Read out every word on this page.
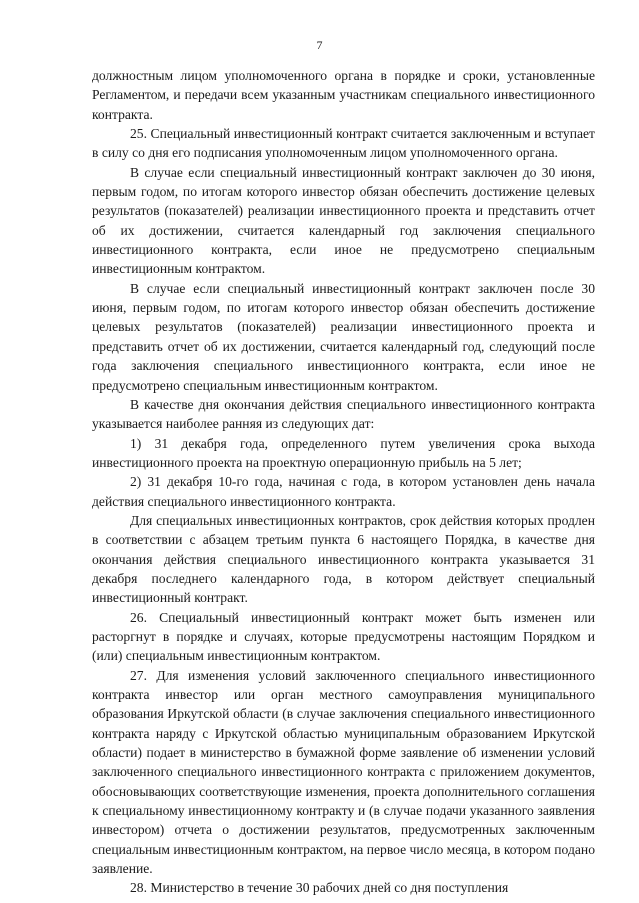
7

должностным лицом уполномоченного органа в порядке и сроки, установленные Регламентом, и передачи всем указанным участникам специального инвестиционного контракта.

25. Специальный инвестиционный контракт считается заключенным и вступает в силу со дня его подписания уполномоченным лицом уполномоченного органа.

В случае если специальный инвестиционный контракт заключен до 30 июня, первым годом, по итогам которого инвестор обязан обеспечить достижение целевых результатов (показателей) реализации инвестиционного проекта и представить отчет об их достижении, считается календарный год заключения специального инвестиционного контракта, если иное не предусмотрено специальным инвестиционным контрактом.

В случае если специальный инвестиционный контракт заключен после 30 июня, первым годом, по итогам которого инвестор обязан обеспечить достижение целевых результатов (показателей) реализации инвестиционного проекта и представить отчет об их достижении, считается календарный год, следующий после года заключения специального инвестиционного контракта, если иное не предусмотрено специальным инвестиционным контрактом.

В качестве дня окончания действия специального инвестиционного контракта указывается наиболее ранняя из следующих дат:

1) 31 декабря года, определенного путем увеличения срока выхода инвестиционного проекта на проектную операционную прибыль на 5 лет;

2) 31 декабря 10-го года, начиная с года, в котором установлен день начала действия специального инвестиционного контракта.

Для специальных инвестиционных контрактов, срок действия которых продлен в соответствии с абзацем третьим пункта 6 настоящего Порядка, в качестве дня окончания действия специального инвестиционного контракта указывается 31 декабря последнего календарного года, в котором действует специальный инвестиционный контракт.

26. Специальный инвестиционный контракт может быть изменен или расторгнут в порядке и случаях, которые предусмотрены настоящим Порядком и (или) специальным инвестиционным контрактом.

27. Для изменения условий заключенного специального инвестиционного контракта инвестор или орган местного самоуправления муниципального образования Иркутской области (в случае заключения специального инвестиционного контракта наряду с Иркутской областью муниципальным образованием Иркутской области) подает в министерство в бумажной форме заявление об изменении условий заключенного специального инвестиционного контракта с приложением документов, обосновывающих соответствующие изменения, проекта дополнительного соглашения к специальному инвестиционному контракту и (в случае подачи указанного заявления инвестором) отчета о достижении результатов, предусмотренных заключенным специальным инвестиционным контрактом, на первое число месяца, в котором подано заявление.

28. Министерство в течение 30 рабочих дней со дня поступления
